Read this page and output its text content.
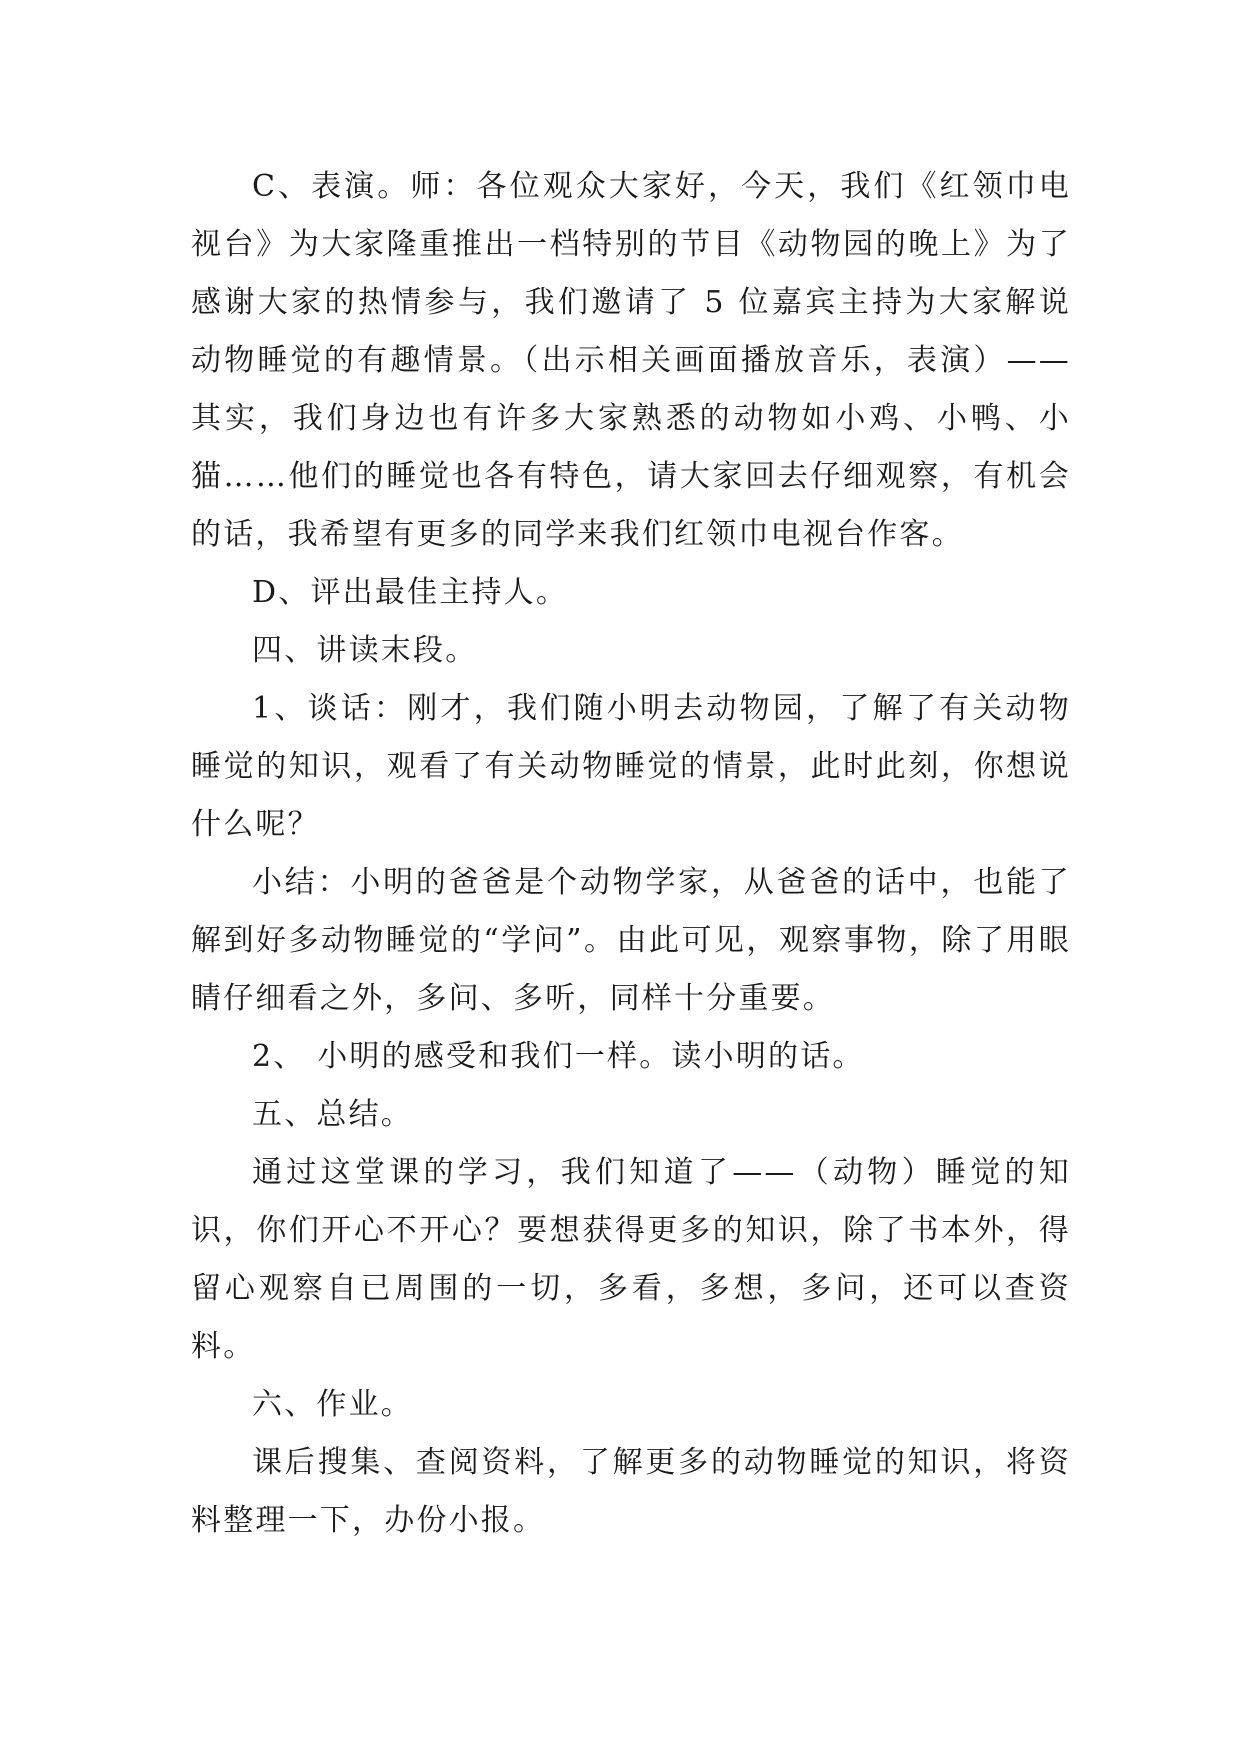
C、表演。师：各位观众大家好，今天，我们《红领巾电视台》为大家隆重推出一档特别的节目《动物园的晚上》为了感谢大家的热情参与，我们邀请了 5 位嘉宾主持为大家解说动物睡觉的有趣情景。（出示相关画面播放音乐，表演）——其实，我们身边也有许多大家熟悉的动物如小鸡、小鸭、小猫……他们的睡觉也各有特色，请大家回去仔细观察，有机会的话，我希望有更多的同学来我们红领巾电视台作客。

D、评出最佳主持人。

四、讲读末段。

1、谈话：刚才，我们随小明去动物园，了解了有关动物睡觉的知识，观看了有关动物睡觉的情景，此时此刻，你想说什么呢？

小结：小明的爸爸是个动物学家，从爸爸的话中，也能了解到好多动物睡觉的“学问”。由此可见，观察事物，除了用眼睛仔细看之外，多问、多听，同样十分重要。

2、 小明的感受和我们一样。读小明的话。

五、总结。

通过这堂课的学习，我们知道了——（动物）睡觉的知识，你们开心不开心？要想获得更多的知识，除了书本外，得留心观察自已周围的一切，多看，多想，多问，还可以查资料。

六、作业。

课后搜集、查阅资料，了解更多的动物睡觉的知识，将资料整理一下，办份小报。
